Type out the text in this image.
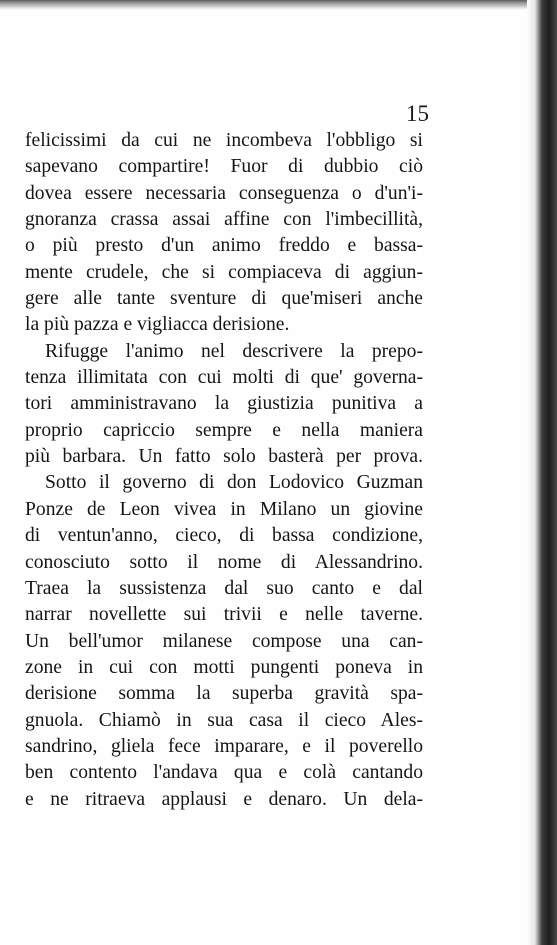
15
felicissimi da cui ne incombeva l'obbligo si
sapevano compartire! Fuor di dubbio ciò
dovea essere necessaria conseguenza o d'un'i-
gnoranza crassa assai affine con l'imbecillità,
o più presto d'un animo freddo e bassa-
mente crudele, che si compiaceva di aggiun-
gere alle tante sventure di que'miseri anche
la più pazza e vigliacca derisione.
Rifugge l'animo nel descrivere la prepo-
tenza illimitata con cui molti di que' governa-
tori amministravano la giustizia punitiva a
proprio capriccio sempre e nella maniera
più barbara. Un fatto solo basterà per prova.
Sotto il governo di don Lodovico Guzman
Ponze de Leon vivea in Milano un giovine
di ventun'anno, cieco, di bassa condizione,
conosciuto sotto il nome di Alessandrino.
Traea la sussistenza dal suo canto e dal
narrar novellette sui trivii e nelle taverne.
Un bell'umor milanese compose una can-
zone in cui con motti pungenti poneva in
derisione somma la superba gravità spa-
gnuola. Chiamò in sua casa il cieco Ales-
sandrino, gliela fece imparare, e il poverello
ben contento l'andava qua e colà cantando
e ne ritraeva applausi e denaro. Un dela-
